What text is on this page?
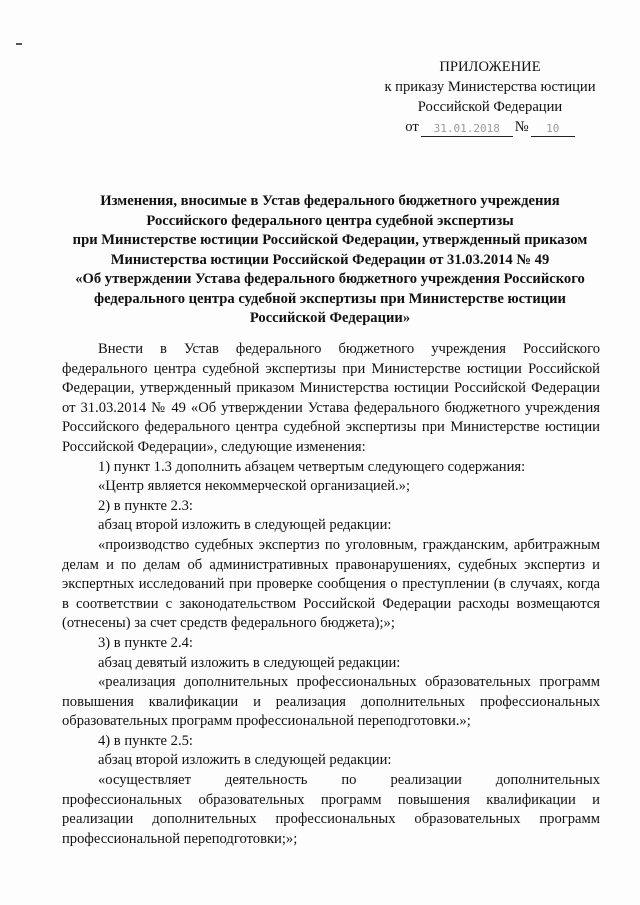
ПРИЛОЖЕНИЕ
к приказу Министерства юстиции
Российской Федерации
от	31.01.2018	№	10
Изменения, вносимые в Устав федерального бюджетного учреждения
Российского федерального центра судебной экспертизы
при Министерстве юстиции Российской Федерации, утвержденный приказом
Министерства юстиции Российской Федерации от 31.03.2014 № 49
«Об утверждении Устава федерального бюджетного учреждения Российского
федерального центра судебной экспертизы при Министерстве юстиции
Российской Федерации»

Внести в Устав федерального бюджетного учреждения Российского федерального центра судебной экспертизы при Министерстве юстиции Российской Федерации, утвержденный приказом Министерства юстиции Российской Федерации от 31.03.2014 № 49 «Об утверждении Устава федерального бюджетного учреждения Российского федерального центра судебной экспертизы при Министерстве юстиции Российской Федерации», следующие изменения:

1) пункт 1.3 дополнить абзацем четвертым следующего содержания:

«Центр является некоммерческой организацией.»;

2) в пункте 2.3:

абзац второй изложить в следующей редакции:

«производство судебных экспертиз по уголовным, гражданским, арбитражным делам и по делам об административных правонарушениях, судебных экспертиз и экспертных исследований при проверке сообщения о преступлении (в случаях, когда в соответствии с законодательством Российской Федерации расходы возмещаются (отнесены) за счет средств федерального бюджета);»;

3) в пункте 2.4:

абзац девятый изложить в следующей редакции:

«реализация дополнительных профессиональных образовательных программ повышения квалификации и реализация дополнительных профессиональных образовательных программ профессиональной переподготовки.»;

4) в пункте 2.5:

абзац второй изложить в следующей редакции:

«осуществляет деятельность по реализации дополнительных профессиональных образовательных программ повышения квалификации и реализации дополнительных профессиональных образовательных программ профессиональной переподготовки;»;
